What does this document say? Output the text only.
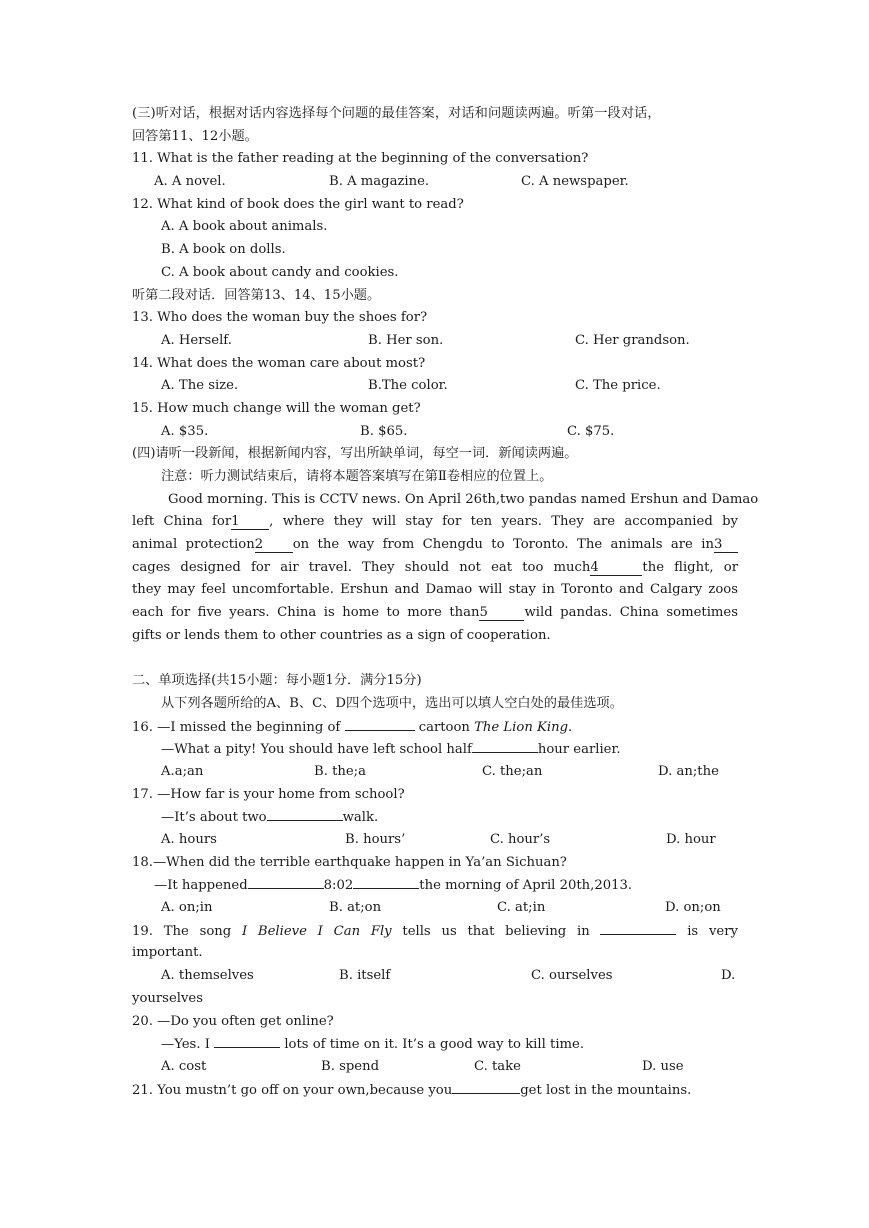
(三)听对话，根据对话内容选择每个问题的最佳答案，对话和问题读两遍。听第一段对话，
回答第11、12小题。
11. What is the father reading at the beginning of the conversation?
A. A novel.	B. A magazine.	C. A newspaper.
12. What kind of book does the girl want to read?
A. A book about animals.
B. A book on dolls.
C. A book about candy and cookies.
听第二段对话．回答第13、14、15小题。
13. Who does the woman buy the shoes for?
A. Herself.	B. Her son.	C. Her grandson.
14. What does the woman care about most?
A. The size.	B.The color.	C. The price.
15. How much change will the woman get?
A. $35.	B. $65.	C. $75.
(四)请听一段新闻，根据新闻内容，写出所缺单词，每空一词．新闻读两遍。
注意：听力测试结束后，请将本题答案填写在第Ⅱ卷相应的位置上。
Good morning. This is CCTV news. On April 26th,two pandas named Ershun and Damao
left China for1 , where they will stay for ten years. They are accompanied by
animal protection2 on the way from Chengdu to Toronto. The animals are in3
cages designed for air travel. They should not eat too much4	the flight, or
they may feel uncomfortable. Ershun and Damao will stay in Toronto and Calgary zoos
each for five years. China is home to more than5	wild pandas. China sometimes
gifts or lends them to other countries as a sign of cooperation.
二、单项选择(共15小题：每小题1分．满分15分)
从下列各题所给的A、B、C、D四个选项中，选出可以填人空白处的最佳选项。
16. —I missed the beginning of	cartoon The Lion King.
—What a pity! You should have left school half	hour earlier.
A.a;an	B. the;a	C. the;an	D. an;the
17. —How far is your home from school?
—It’s about two	walk.
A. hours	B. hours’	C. hour’s	D. hour
18.—When did the terrible earthquake happen in Ya’an Sichuan?
—It happened	8:02	the morning of April 20th,2013.
A. on;in	B. at;on	C. at;in	D. on;on
19. The song I Believe I Can Fly tells us that believing in	is very
important.
A. themselves	B. itself	C. ourselves	D.
yourselves
20. —Do you often get online?
—Yes. I	lots of time on it. It’s a good way to kill time.
A. cost	B. spend	C. take	D. use
21. You mustn’t go off on your own,because you	get lost in the mountains.
